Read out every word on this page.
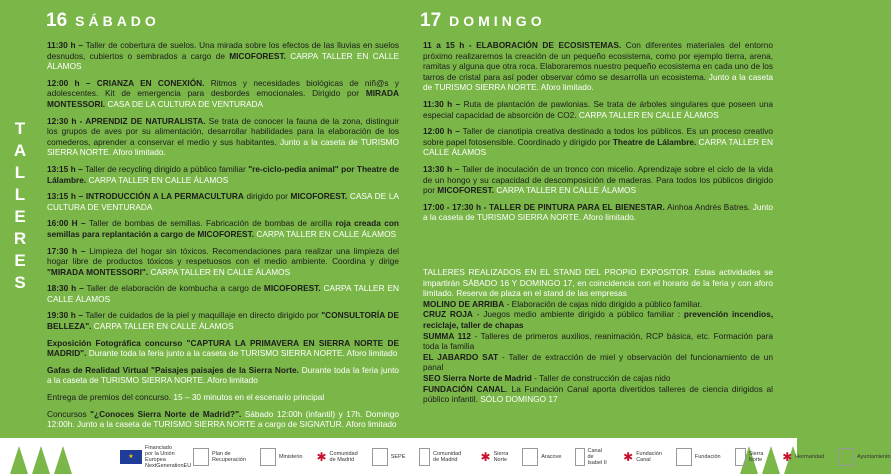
16 SÁBADO	17 DOMINGO
T
A
L
L
E
R
E
S

11:30 h – Taller de cobertura de suelos. Una mirada sobre los efectos de las lluvias en suelos desnudos, cubiertos o sembrados a cargo de MICOFOREST. CARPA TALLER EN CALLE ÁLAMOS

12:00 h – CRIANZA EN CONEXIÓN. Ritmos y necesidades biológicas de niñ@s y adolescentes. Kit de emergencia para desbordes emocionales. Dirigido por MIRADA MONTESSORI. CASA DE LA CULTURA DE VENTURADA

12:30 h - APRENDIZ DE NATURALISTA. Se trata de conocer la fauna de la zona, distinguir los grupos de aves por su alimentación, desarrollar habilidades para la elaboración de los comederos, aprender a conservar el medio y sus habitantes. Junto a la caseta de TURISMO SIERRA NORTE. Aforo limitado.

13:15 h – Taller de recycling dirigido a público familiar "re-ciclo-pedia animal" por Theatre de Lálambre. CARPA TALLER EN CALLE ÁLAMOS

13:15 h – INTRODUCCIÓN A LA PERMACULTURA dirigido por MICOFOREST. CASA DE LA CULTURA DE VENTURADA

16:00 H – Taller de bombas de semillas. Fabricación de bombas de arcilla roja creada con semillas para replantación a cargo de MICOFOREST. CARPA TALLER EN CALLE ÁLAMOS

17:30 h – Limpieza del hogar sin tóxicos. Recomendaciones para realizar una limpieza del hogar libre de productos tóxicos y respetuosos con el medio ambiente. Coordina y dirige "MIRADA MONTESSORI". CARPA TALLER EN CALLE ÁLAMOS

18:30 h – Taller de elaboración de kombucha a cargo de MICOFOREST. CARPA TALLER EN CALLE ÁLAMOS

19:30 h – Taller de cuidados de la piel y maquillaje en directo dirigido por "CONSULTORÍA DE BELLEZA". CARPA TALLER EN CALLE ÁLAMOS

Exposición Fotográfica concurso "CAPTURA LA PRIMAVERA EN SIERRA NORTE DE MADRID". Durante toda la feria junto a la caseta de TURISMO SIERRA NORTE. Aforo limitado

Gafas de Realidad Virtual "Paisajes paisajes de la Sierra Norte. Durante toda la feria junto a la caseta de TURISMO SIERRA NORTE. Aforo limitado

Entrega de premios del concurso. 15 – 30 minutos en el escenario principal

Concursos "¿Conoces Sierra Norte de Madrid?". Sábado 12:00h (infantil) y 17h. Domingo 12:00h. Junto a la caseta de TURISMO SIERRA NORTE a cargo de SIGNATUR. Aforo limitado

11 a 15 h - ELABORACIÓN DE ECOSISTEMAS. Con diferentes materiales del entorno próximo realizaremos la creación de un pequeño ecosistema, como por ejemplo tierra, arena, ramitas y alguna que otra roca. Elaboraremos nuestro pequeño ecosistema en cada uno de los tarros de cristal para así poder observar cómo se desarrolla un ecosistema. Junto a la caseta de TURISMO SIERRA NORTE. Aforo limitado.

11:30 h – Ruta de plantación de pawlonias. Se trata de árboles singulares que poseen una especial capacidad de absorción de CO2. CARPA TALLER EN CALLE ÁLAMOS

12:00 h – Taller de cianotipia creativa destinado a todos los públicos. Es un proceso creativo sobre papel fotosensible. Coordinado y dirigido por Theatre de Lálambre. CARPA TALLER EN CALLE ÁLAMOS

13:30 h – Taller de inoculación de un tronco con micelio. Aprendizaje sobre el ciclo de la vida de un hongo y su capacidad de descomposición de maderas. Para todos los públicos dirigido por MICOFOREST. CARPA TALLER EN CALLE ÁLAMOS

17:00 - 17:30 h - TALLER DE PINTURA PARA EL BIENESTAR. Ainhoa Andrés Batres. Junto a la caseta de TURISMO SIERRA NORTE. Aforo limitado.

TALLERES REALIZADOS EN EL STAND DEL PROPIO EXPOSITOR. Estas actividades se impartirán SÁBADO 16 Y DOMINGO 17, en coincidencia con el horario de la feria y con aforo limitado. Reserva de plaza en el stand de las empresas

MOLINO DE ARRIBA - Elaboración de cajas nido dirigido a público familiar.

CRUZ ROJA - Juegos medio ambiente dirigido a público familiar : prevención incendios, reciclaje, taller de chapas

SUMMA 112 - Talleres de primeros auxilios, reanimación, RCP básica, etc. Formación para toda la familia

EL JABARDO SAT - Taller de extracción de miel y observación del funcionamiento de un panal

SEO Sierra Norte de Madrid - Taller de construcción de cajas nido

FUNDACIÓN CANAL. La Fundación Canal aporta divertidos talleres de ciencia dirigidos al público infantil. SÓLO DOMINGO 17

★
Financiado por la Unión Europea NextGenerationEU
Plan de Recuperación	Ministerio ✱ Comunidad de Madrid	SEPE	Comunidad de Madrid	✱ Sierra Norte	Aracove
Canal de Isabel II ✱ Fundación Canal	Fundación	Sierra Norte	✱ Hermandad	Ayuntamiento
